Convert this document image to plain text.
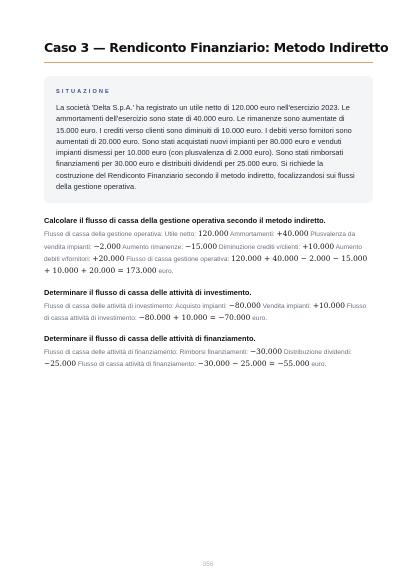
Caso 3 — Rendiconto Finanziario: Metodo Indiretto
SITUAZIONE
La società 'Delta S.p.A.' ha registrato un utile netto di 120.000 euro nell'esercizio 2023. Le ammortamenti dell'esercizio sono state di 40.000 euro. Le rimanenze sono aumentate di 15.000 euro. I crediti verso clienti sono diminuiti di 10.000 euro. I debiti verso fornitori sono aumentati di 20.000 euro. Sono stati acquistati nuovi impianti per 80.000 euro e venduti impianti dismessi per 10.000 euro (con plusvalenza di 2.000 euro). Sono stati rimborsati finanziamenti per 30.000 euro e distribuiti dividendi per 25.000 euro. Si richiede la costruzione del Rendiconto Finanziario secondo il metodo indiretto, focalizzandosi sui flussi della gestione operativa.
Calcolare il flusso di cassa della gestione operativa secondo il metodo indiretto.
Flusso di cassa della gestione operativa: Utile netto: 120.000 Ammortamenti: +40.000 Plusvalenza da vendita impianti: −2.000 Aumento rimanenze: −15.000 Diminuzione crediti v/clienti: +10.000 Aumento debiti v/fornitori: +20.000 Flusso di cassa gestione operativa: 120.000 + 40.000 − 2.000 − 15.000 + 10.000 + 20.000 = 173.000 euro.
Determinare il flusso di cassa delle attività di investimento.
Flusso di cassa delle attività di investimento: Acquisto impianti: −80.000 Vendita impianti: +10.000 Flusso di cassa attività di investimento: −80.000 + 10.000 = −70.000 euro.
Determinare il flusso di cassa delle attività di finanziamento.
Flusso di cassa delle attività di finanziamento: Rimborsi finanziamenti: −30.000 Distribuzione dividendi: −25.000 Flusso di cassa attività di finanziamento: −30.000 − 25.000 = −55.000 euro.
356
